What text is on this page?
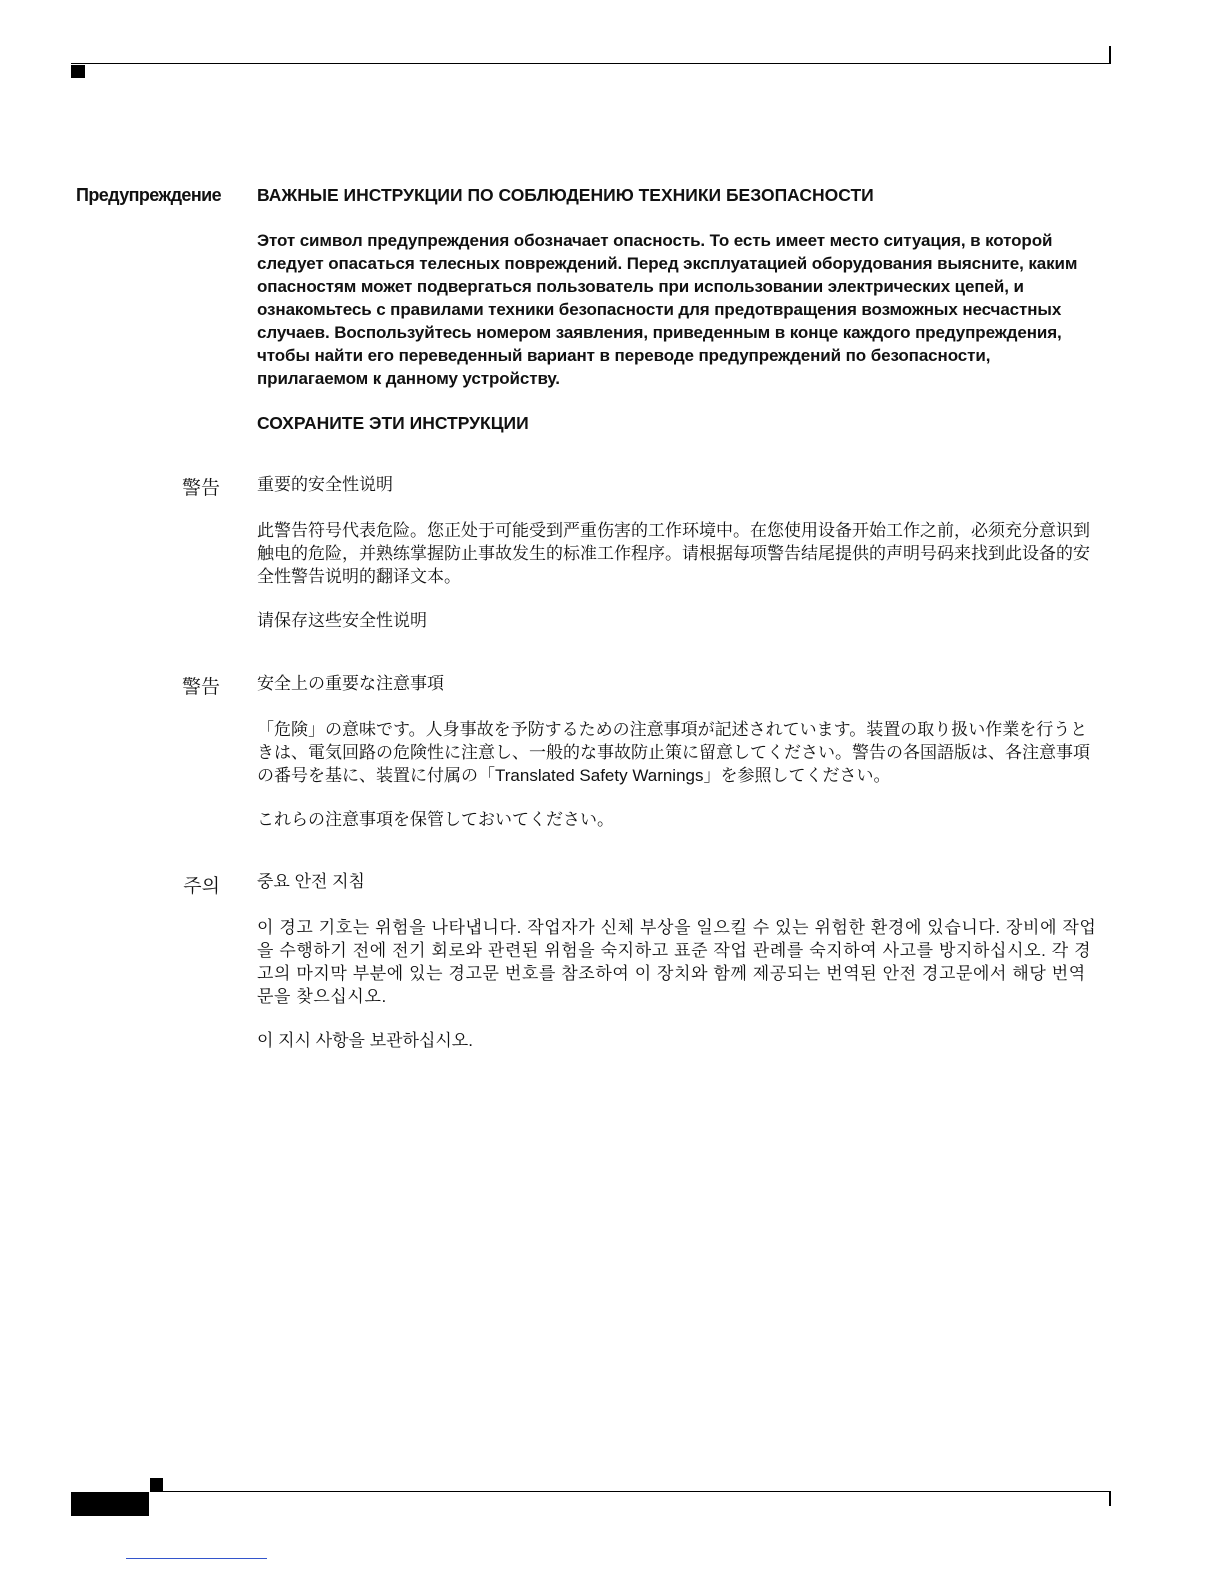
Предупреждение ВАЖНЫЕ ИНСТРУКЦИИ ПО СОБЛЮДЕНИЮ ТЕХНИКИ БЕЗОПАСНОСТИ

Этот символ предупреждения обозначает опасность. То есть имеет место ситуация, в которой следует опасаться телесных повреждений. Перед эксплуатацией оборудования выясните, каким опасностям может подвергаться пользователь при использовании электрических цепей, и ознакомьтесь с правилами техники безопасности для предотвращения возможных несчастных случаев. Воспользуйтесь номером заявления, приведенным в конце каждого предупреждения, чтобы найти его переведенный вариант в переводе предупреждений по безопасности, прилагаемом к данному устройству.

СОХРАНИТЕ ЭТИ ИНСТРУКЦИИ

警告 重要的安全性说明

此警告符号代表危险。您正处于可能受到严重伤害的工作环境中。在您使用设备开始工作之前，必须充分意识到触电的危险，并熟练掌握防止事故发生的标准工作程序。请根据每项警告结尾提供的声明号码来找到此设备的安全性警告说明的翻译文本。

请保存这些安全性说明

警告 安全上の重要な注意事項

「危険」の意味です。人身事故を予防するための注意事項が記述されています。装置の取り扱い作業を行うときは、電気回路の危険性に注意し、一般的な事故防止策に留意してください。警告の各国語版は、各注意事項の番号を基に、装置に付属の「Translated Safety Warnings」を参照してください。

これらの注意事項を保管しておいてください。

주의 중요 안전 지침

이 경고 기호는 위험을 나타냅니다. 작업자가 신체 부상을 일으킬 수 있는 위험한 환경에 있습니다. 장비에 작업을 수행하기 전에 전기 회로와 관련된 위험을 숙지하고 표준 작업 관례를 숙지하여 사고를 방지하십시오. 각 경고의 마지막 부분에 있는 경고문 번호를 참조하여 이 장치와 함께 제공되는 번역된 안전 경고문에서 해당 번역문을 찾으십시오.

이 지시 사항을 보관하십시오.
